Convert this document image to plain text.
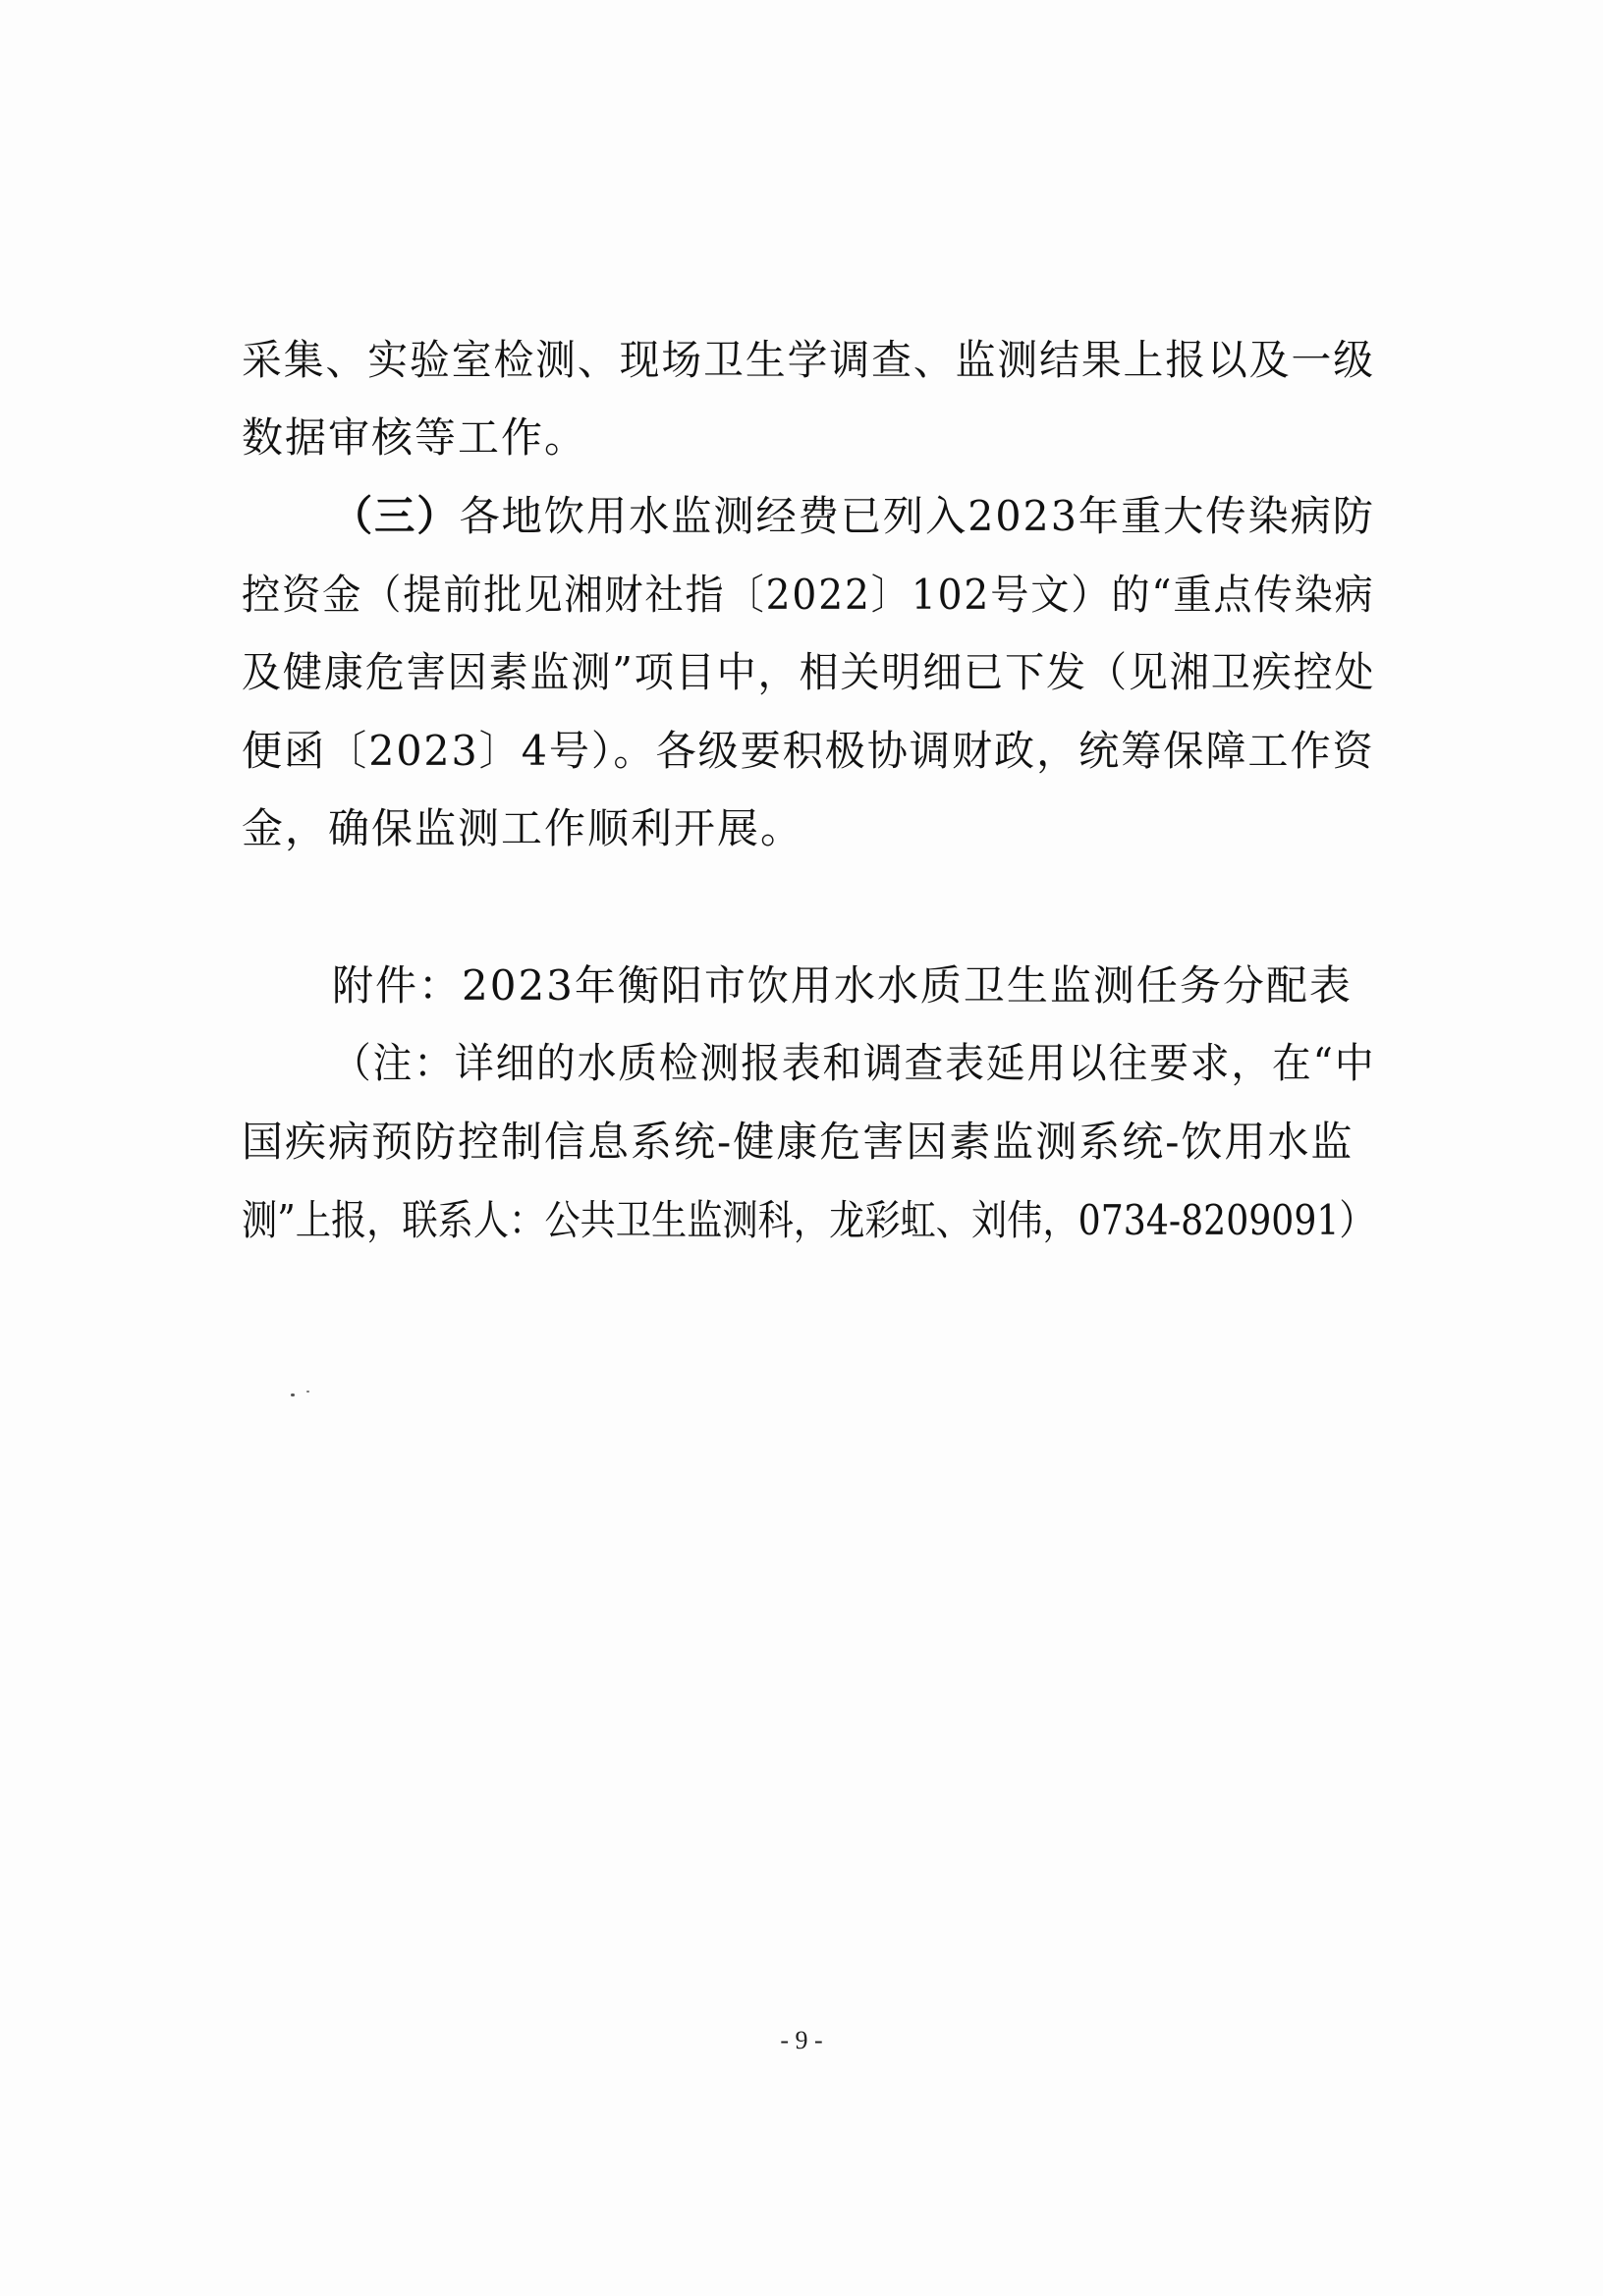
采集、实验室检测、现场卫生学调查、监测结果上报以及一级
数据审核等工作。
（三）各地饮用水监测经费已列入2023年重大传染病防
控资金（提前批见湘财社指〔2022〕102号文）的“重点传染病
及健康危害因素监测”项目中，相关明细已下发（见湘卫疾控处
便函〔2023〕4号）。各级要积极协调财政，统筹保障工作资
金，确保监测工作顺利开展。
附件：2023年衡阳市饮用水水质卫生监测任务分配表
（注：详细的水质检测报表和调查表延用以往要求，在“中
国疾病预防控制信息系统-健康危害因素监测系统-饮用水监
测”上报，联系人：公共卫生监测科，龙彩虹、刘伟，0734-8209091）
- 9 -
